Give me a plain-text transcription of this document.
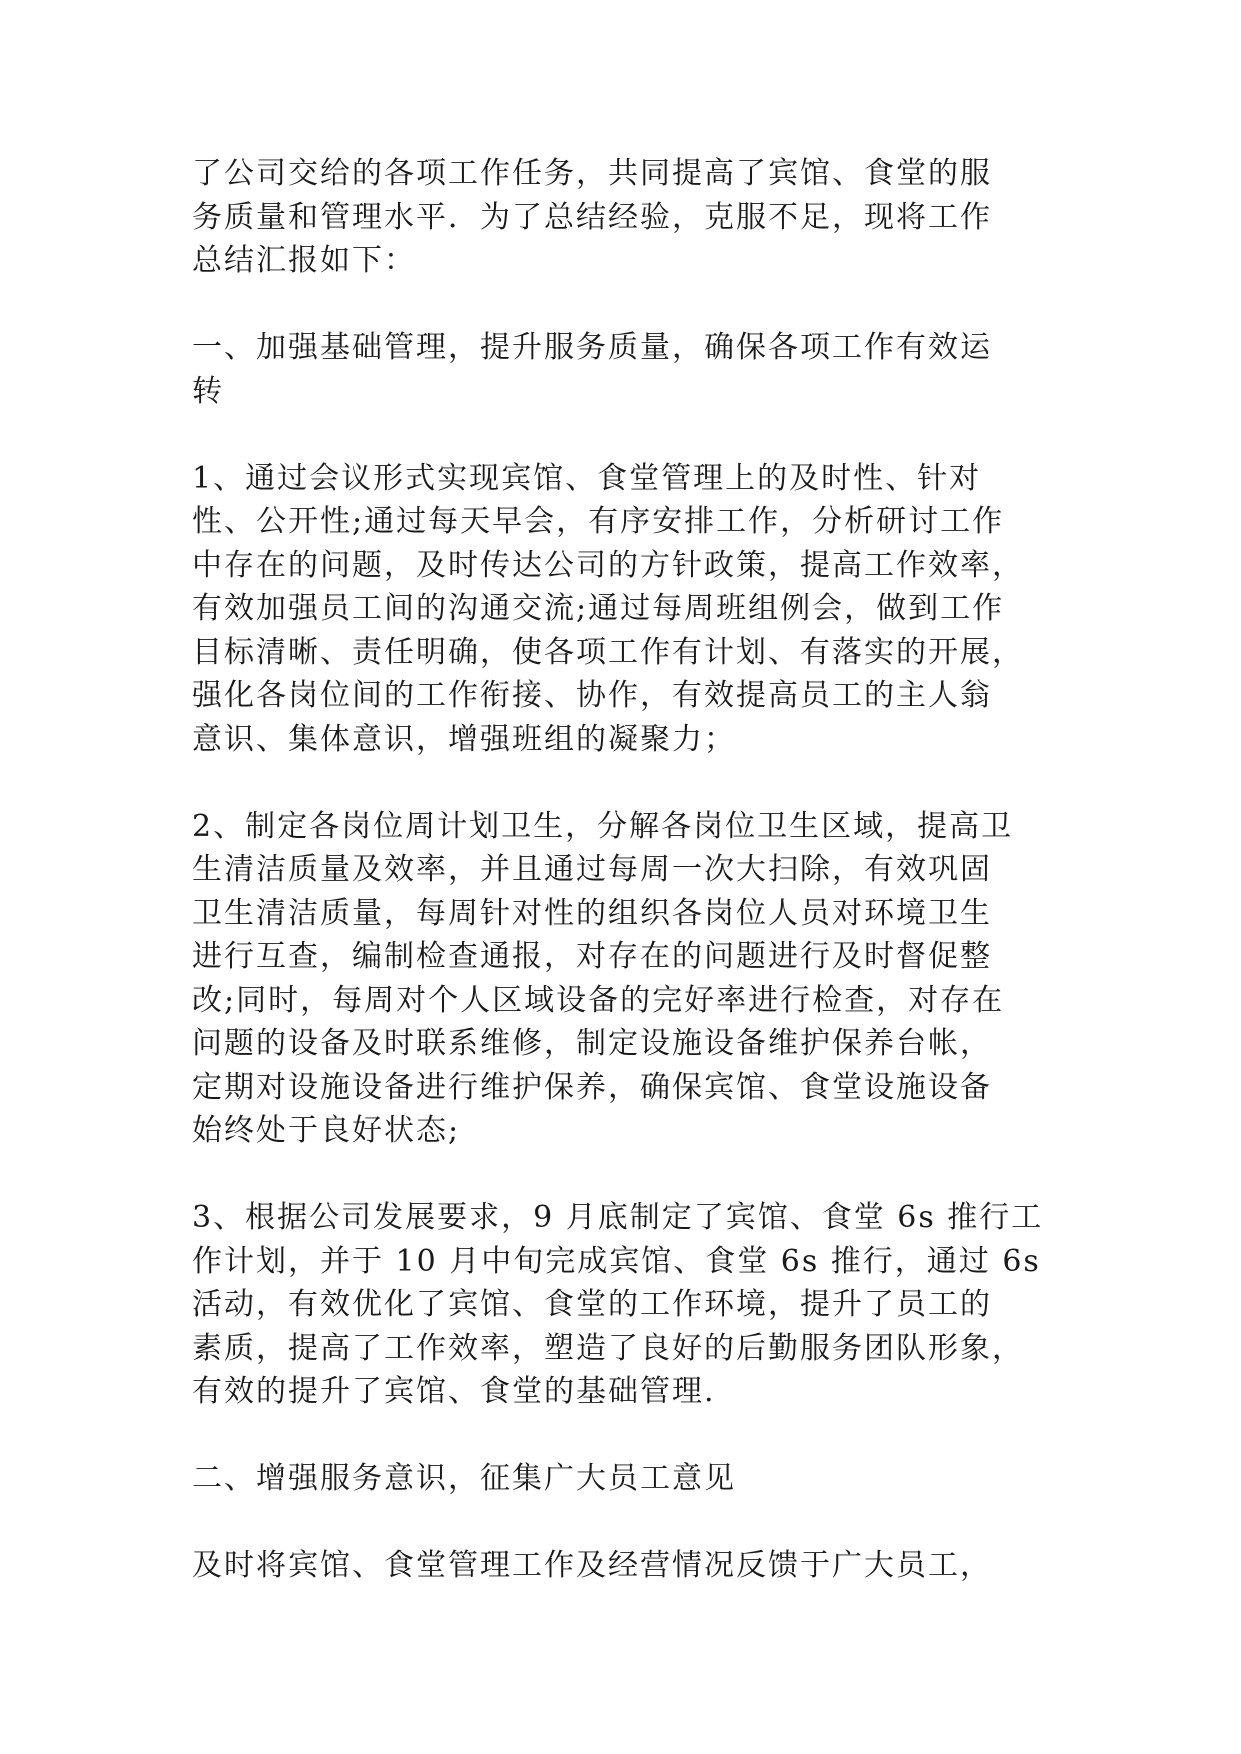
了公司交给的各项工作任务，共同提高了宾馆、食堂的服
务质量和管理水平．为了总结经验，克服不足，现将工作
总结汇报如下：

一、加强基础管理，提升服务质量，确保各项工作有效运
转

1、通过会议形式实现宾馆、食堂管理上的及时性、针对
性、公开性;通过每天早会，有序安排工作，分析研讨工作
中存在的问题，及时传达公司的方针政策，提高工作效率，
有效加强员工间的沟通交流;通过每周班组例会，做到工作
目标清晰、责任明确，使各项工作有计划、有落实的开展，
强化各岗位间的工作衔接、协作，有效提高员工的主人翁
意识、集体意识，增强班组的凝聚力；

2、制定各岗位周计划卫生，分解各岗位卫生区域，提高卫
生清洁质量及效率，并且通过每周一次大扫除，有效巩固
卫生清洁质量，每周针对性的组织各岗位人员对环境卫生
进行互查，编制检查通报，对存在的问题进行及时督促整
改;同时，每周对个人区域设备的完好率进行检查，对存在
问题的设备及时联系维修，制定设施设备维护保养台帐，
定期对设施设备进行维护保养，确保宾馆、食堂设施设备
始终处于良好状态;

3、根据公司发展要求，9 月底制定了宾馆、食堂 6s 推行工
作计划，并于 10 月中旬完成宾馆、食堂 6s 推行，通过 6s
活动，有效优化了宾馆、食堂的工作环境，提升了员工的
素质，提高了工作效率，塑造了良好的后勤服务团队形象，
有效的提升了宾馆、食堂的基础管理.

二、增强服务意识，征集广大员工意见

及时将宾馆、食堂管理工作及经营情况反馈于广大员工，
